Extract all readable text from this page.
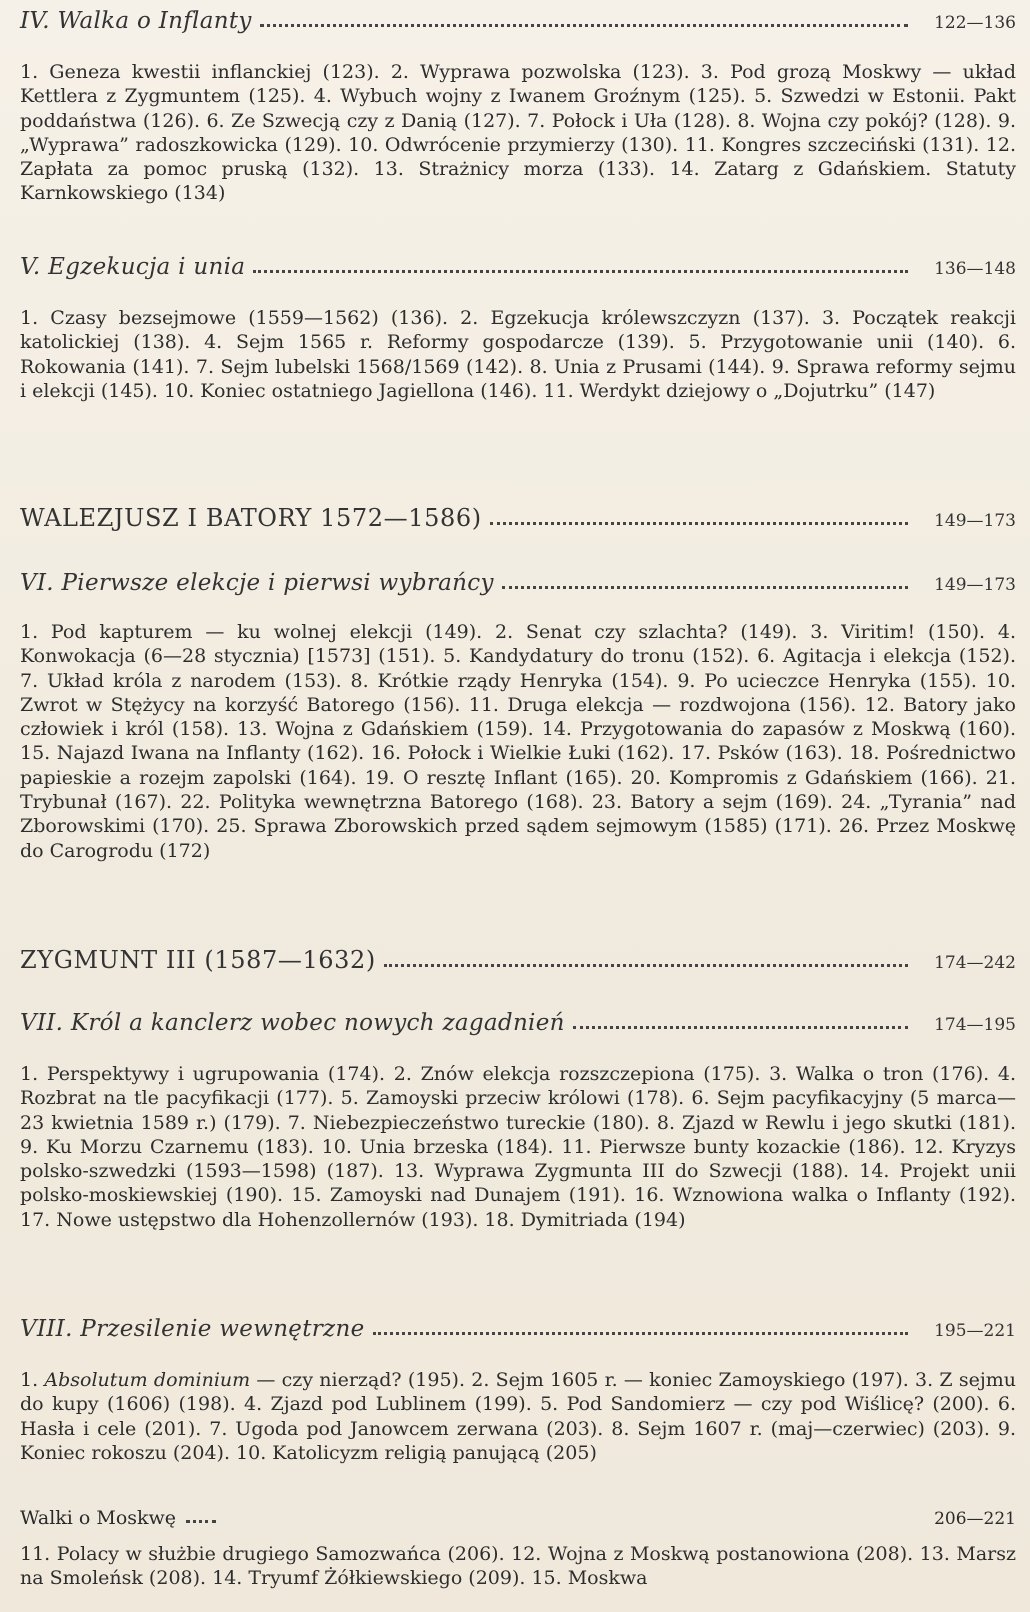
IV. Walka o Inflanty	122—136
1. Geneza kwestii inflanckiej (123). 2. Wyprawa pozwolska (123). 3. Pod grozą Moskwy — układ Kettlera z Zygmuntem (125). 4. Wybuch wojny z Iwanem Groźnym (125). 5. Szwedzi w Estonii. Pakt poddaństwa (126). 6. Ze Szwecją czy z Danią (127). 7. Połock i Uła (128). 8. Wojna czy pokój? (128). 9. „Wyprawa” radoszkowicka (129). 10. Odwrócenie przymierzy (130). 11. Kongres szczeciński (131). 12. Zapłata za pomoc pruską (132). 13. Strażnicy morza (133). 14. Zatarg z Gdańskiem. Statuty Karnkowskiego (134)
V. Egzekucja i unia	136—148
1. Czasy bezsejmowe (1559—1562) (136). 2. Egzekucja królewszczyzn (137). 3. Początek reakcji katolickiej (138). 4. Sejm 1565 r. Reformy gospodarcze (139). 5. Przygotowanie unii (140). 6. Rokowania (141). 7. Sejm lubelski 1568/1569 (142). 8. Unia z Prusami (144). 9. Sprawa reformy sejmu i elekcji (145). 10. Koniec ostatniego Jagiellona (146). 11. Werdykt dziejowy o „Dojutrku” (147)
WALEZJUSZ I BATORY 1572—1586)	149—173
VI. Pierwsze elekcje i pierwsi wybrańcy	149—173
1. Pod kapturem — ku wolnej elekcji (149). 2. Senat czy szlachta? (149). 3. Viritim! (150). 4. Konwokacja (6—28 stycznia) [1573] (151). 5. Kandydatury do tronu (152). 6. Agitacja i elekcja (152). 7. Układ króla z narodem (153). 8. Krótkie rządy Henryka (154). 9. Po ucieczce Henryka (155). 10. Zwrot w Stężycy na korzyść Batorego (156). 11. Druga elekcja — rozdwojona (156). 12. Batory jako człowiek i król (158). 13. Wojna z Gdańskiem (159). 14. Przygotowania do zapasów z Moskwą (160). 15. Najazd Iwana na Inflanty (162). 16. Połock i Wielkie Łuki (162). 17. Psków (163). 18. Pośrednictwo papieskie a rozejm zapolski (164). 19. O resztę Inflant (165). 20. Kompromis z Gdańskiem (166). 21. Trybunał (167). 22. Polityka wewnętrzna Batorego (168). 23. Batory a sejm (169). 24. „Tyrania” nad Zborowskimi (170). 25. Sprawa Zborowskich przed sądem sejmowym (1585) (171). 26. Przez Moskwę do Carogrodu (172)
ZYGMUNT III (1587—1632)	174—242
VII. Król a kanclerz wobec nowych zagadnień	174—195
1. Perspektywy i ugrupowania (174). 2. Znów elekcja rozszczepiona (175). 3. Walka o tron (176). 4. Rozbrat na tle pacyfikacji (177). 5. Zamoyski przeciw królowi (178). 6. Sejm pacyfikacyjny (5 marca—23 kwietnia 1589 r.) (179). 7. Niebezpieczeństwo tureckie (180). 8. Zjazd w Rewlu i jego skutki (181). 9. Ku Morzu Czarnemu (183). 10. Unia brzeska (184). 11. Pierwsze bunty kozackie (186). 12. Kryzys polsko-szwedzki (1593—1598) (187). 13. Wyprawa Zygmunta III do Szwecji (188). 14. Projekt unii polsko-moskiewskiej (190). 15. Zamoyski nad Dunajem (191). 16. Wznowiona walka o Inflanty (192). 17. Nowe ustępstwo dla Hohenzollernów (193). 18. Dymitriada (194)
VIII. Przesilenie wewnętrzne	195—221
1. Absolutum dominium — czy nierząd? (195). 2. Sejm 1605 r. — koniec Zamoyskiego (197). 3. Z sejmu do kupy (1606) (198). 4. Zjazd pod Lublinem (199). 5. Pod Sandomierz — czy pod Wiślicę? (200). 6. Hasła i cele (201). 7. Ugoda pod Janowcem zerwana (203). 8. Sejm 1607 r. (maj—czerwiec) (203). 9. Koniec rokoszu (204). 10. Katolicyzm religią panującą (205)
Walki o Moskwę	206—221
11. Polacy w służbie drugiego Samozwańca (206). 12. Wojna z Moskwą postanowiona (208). 13. Marsz na Smoleńsk (208). 14. Tryumf Żółkiewskiego (209). 15. Moskwa
